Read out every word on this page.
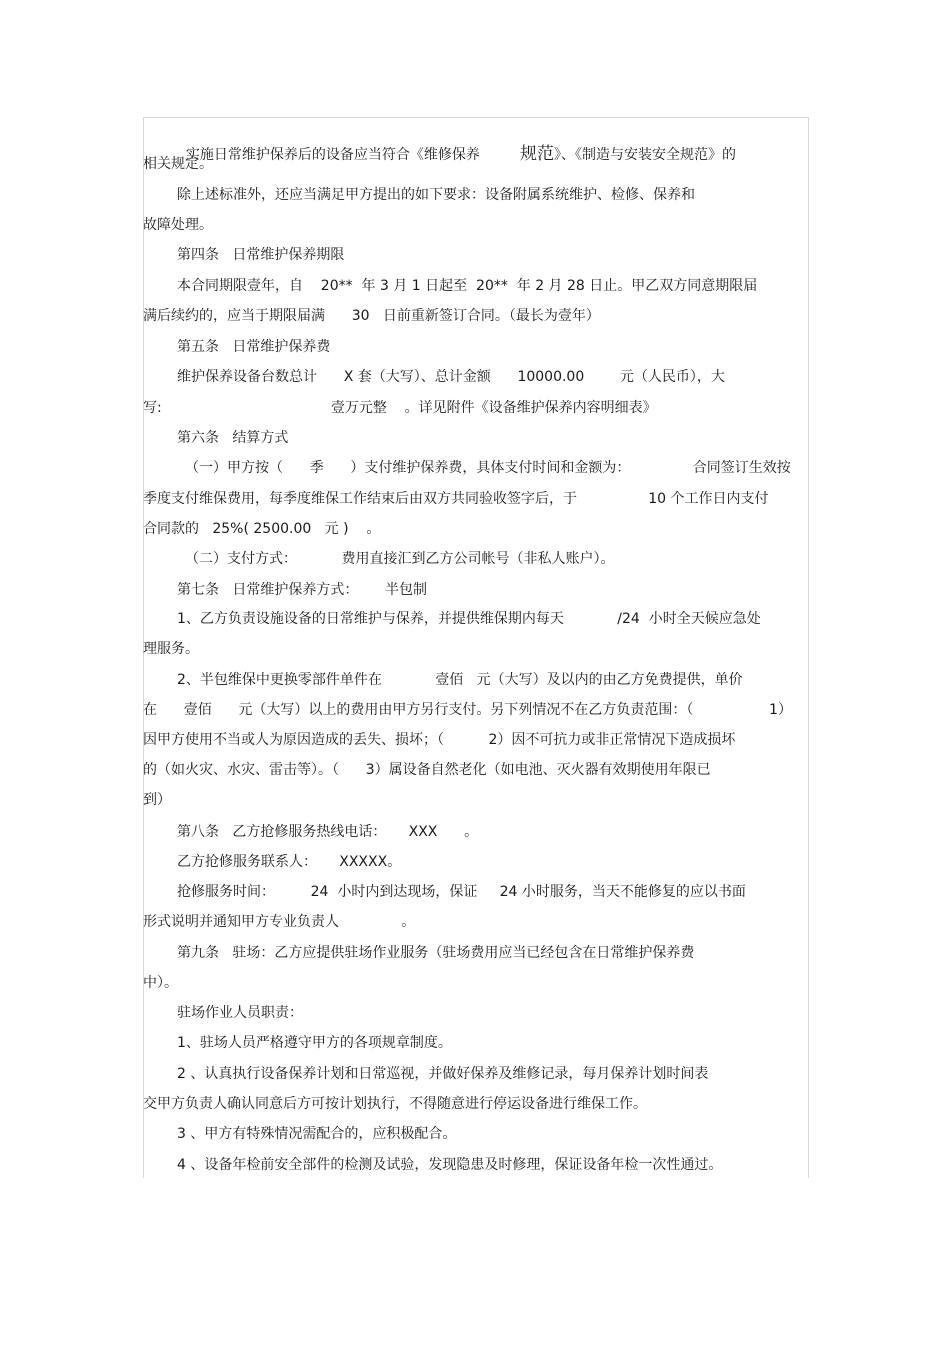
实施日常维护保养后的设备应当符合《维修保养 规范》、《制造与安装安全规范》的

相关规定。
除上述标准外，还应当满足甲方提出的如下要求：设备附属系统维护、检修、保养和
故障处理。
第四条   日常维护保养期限
本合同期限壹年，自    20**  年 3 月 1 日起至  20**  年 2 月 28 日止。甲乙双方同意期限届
满后续约的，应当于期限届满      30   日前重新签订合同。（最长为壹年）
第五条   日常维护保养费
维护保养设备台数总计      X 套（大写）、总计金额      10000.00        元（人民币），大
写:                                      壹万元整    。详见附件《设备维护保养内容明细表》
第六条   结算方式
（一）甲方按（      季      ）支付维护保养费，具体支付时间和金额为：              合同签订生效按
季度支付维保费用，每季度维保工作结束后由双方共同验收签字后，于                10 个工作日内支付
合同款的   25%( 2500.00   元 )    。
（二）支付方式：          费用直接汇到乙方公司帐号（非私人账户）。
第七条   日常维护保养方式：      半包制
1、乙方负责设施设备的日常维护与保养，并提供维保期内每天            /24  小时全天候应急处
理服务。
2、半包维保中更换零部件单件在            壹佰   元（大写）及以内的由乙方免费提供，单价
在      壹佰      元（大写）以上的费用由甲方另行支付。另下列情况不在乙方负责范围：（                 1）
因甲方使用不当或人为原因造成的丢失、损坏；（          2）因不可抗力或非正常情况下造成损坏
的（如火灾、水灾、雷击等）。（      3）属设备自然老化（如电池、灭火器有效期使用年限已
到）
第八条   乙方抢修服务热线电话：     XXX      。
乙方抢修服务联系人：     XXXXX。
抢修服务时间：        24  小时内到达现场，保证     24 小时服务，当天不能修复的应以书面
形式说明并通知甲方专业负责人              。
第九条   驻场：乙方应提供驻场作业服务（驻场费用应当已经包含在日常维护保养费
中）。
驻场作业人员职责：
1、驻场人员严格遵守甲方的各项规章制度。
2 、认真执行设备保养计划和日常巡视，并做好保养及维修记录，每月保养计划时间表
交甲方负责人确认同意后方可按计划执行，不得随意进行停运设备进行维保工作。
3 、甲方有特殊情况需配合的，应积极配合。
4 、设备年检前安全部件的检测及试验，发现隐患及时修理，保证设备年检一次性通过。
